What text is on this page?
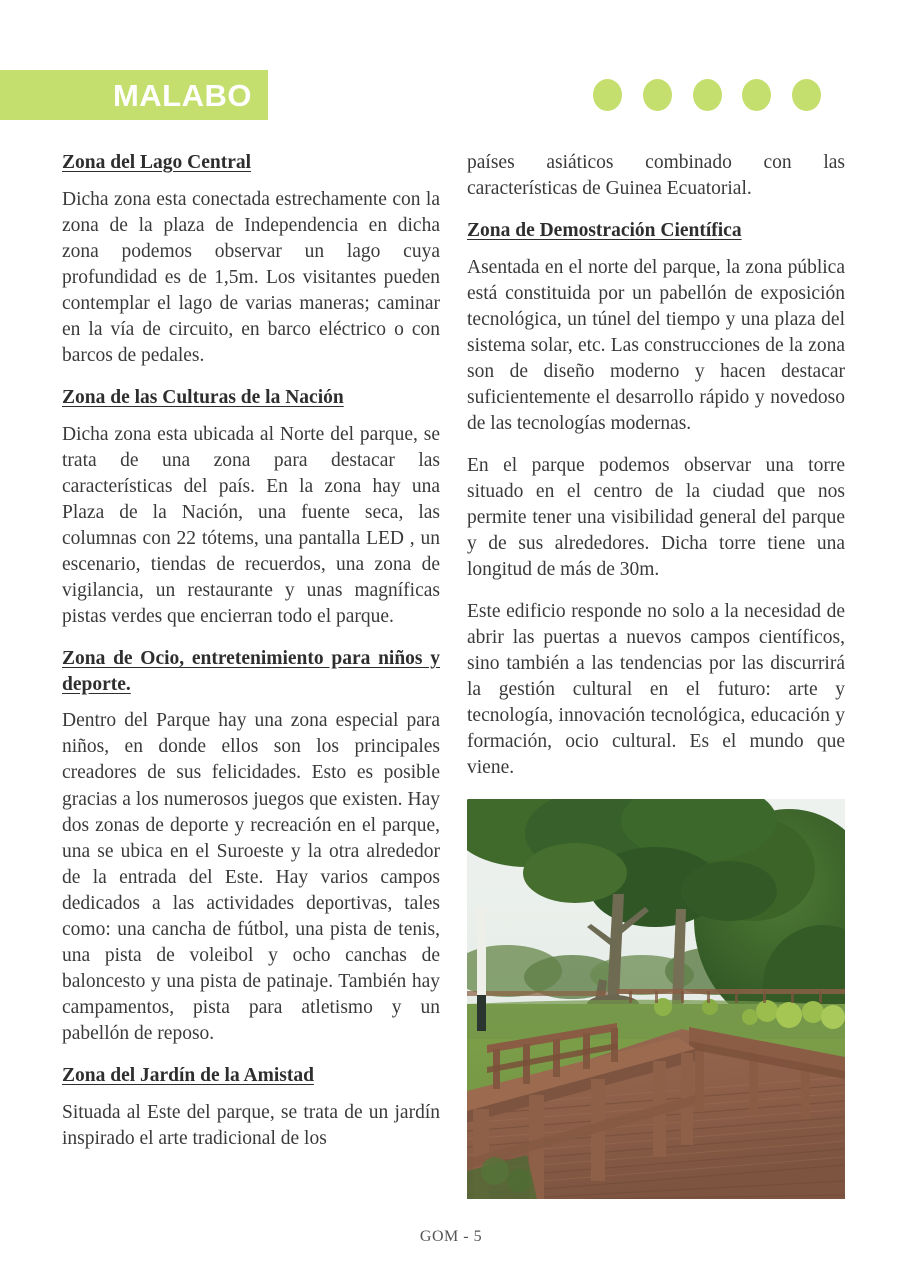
MALABO
Zona del Lago Central

Dicha zona esta conectada estrechamente con la zona de la plaza de Independencia en dicha zona podemos observar un lago cuya profundidad es de 1,5m. Los visitantes pueden contemplar el lago de varias maneras; caminar en la vía de circuito, en barco eléctrico o con barcos de pedales.

Zona de las Culturas de la Nación

Dicha zona esta ubicada al Norte del parque, se trata de una zona para destacar las características del país. En la zona hay una Plaza de la Nación, una fuente seca, las columnas con 22 tótems, una pantalla LED , un escenario, tiendas de recuerdos, una zona de vigilancia, un restaurante y unas magníficas pistas verdes que encierran todo el parque.

Zona de Ocio, entretenimiento para niños y deporte.

Dentro del Parque hay una zona especial para niños, en donde ellos son los principales creadores de sus felicidades. Esto es posible gracias a los numerosos juegos que existen. Hay dos zonas de deporte y recreación en el parque, una se ubica en el Suroeste y la otra alrededor de la entrada del Este. Hay varios campos dedicados a las actividades deportivas, tales como: una cancha de fútbol, una pista de tenis, una pista de voleibol y ocho canchas de baloncesto y una pista de patinaje. También hay campamentos, pista para atletismo y un pabellón de reposo.

Zona del Jardín de la Amistad

Situada al Este del parque, se trata de un jardín inspirado el arte tradicional de los

países asiáticos combinado con las características de Guinea Ecuatorial.

Zona de Demostración Científica

Asentada en el norte del parque, la zona pública está constituida por un pabellón de exposición tecnológica, un túnel del tiempo y una plaza del sistema solar, etc. Las construcciones de la zona son de diseño moderno y hacen destacar suficientemente el desarrollo rápido y novedoso de las tecnologías modernas.

En el parque podemos observar una torre situado en el centro de la ciudad que nos permite tener una visibilidad general del parque y de sus alrededores. Dicha torre tiene una longitud de más de 30m.

Este edificio responde no solo a la necesidad de abrir las puertas a nuevos campos científicos, sino también a las tendencias por las discurrirá la gestión cultural en el futuro: arte y tecnología, innovación tecnológica, educación y formación, ocio cultural. Es el mundo que viene.

GOM - 5
